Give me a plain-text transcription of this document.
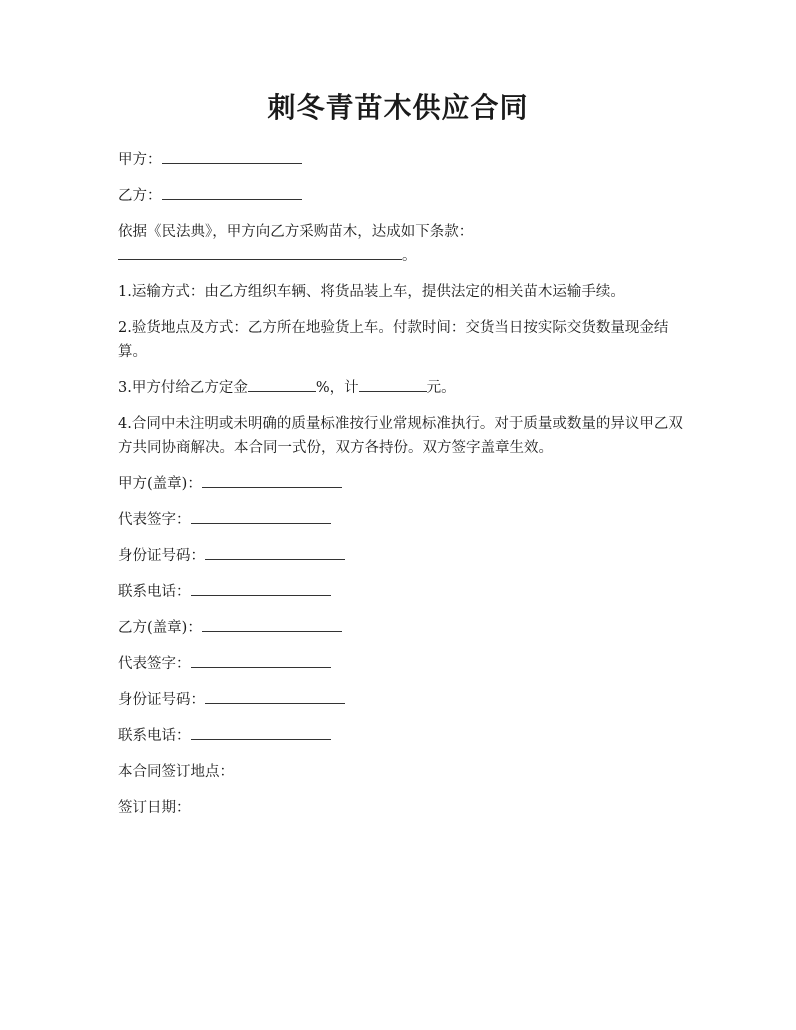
刺冬青苗木供应合同
甲方：
乙方：
依据《民法典》，甲方向乙方采购苗木，达成如下条款：
。
1.运输方式：由乙方组织车辆、将货品装上车，提供法定的相关苗木运输手续。
2.验货地点及方式：乙方所在地验货上车。付款时间：交货当日按实际交货数量现金结算。
3.甲方付给乙方定金	%，计	元。
4.合同中未注明或未明确的质量标准按行业常规标准执行。对于质量或数量的异议甲乙双方共同协商解决。本合同一式份，双方各持份。双方签字盖章生效。
甲方(盖章)：
代表签字：
身份证号码：
联系电话：
乙方(盖章)：
代表签字：
身份证号码：
联系电话：
本合同签订地点：
签订日期：
